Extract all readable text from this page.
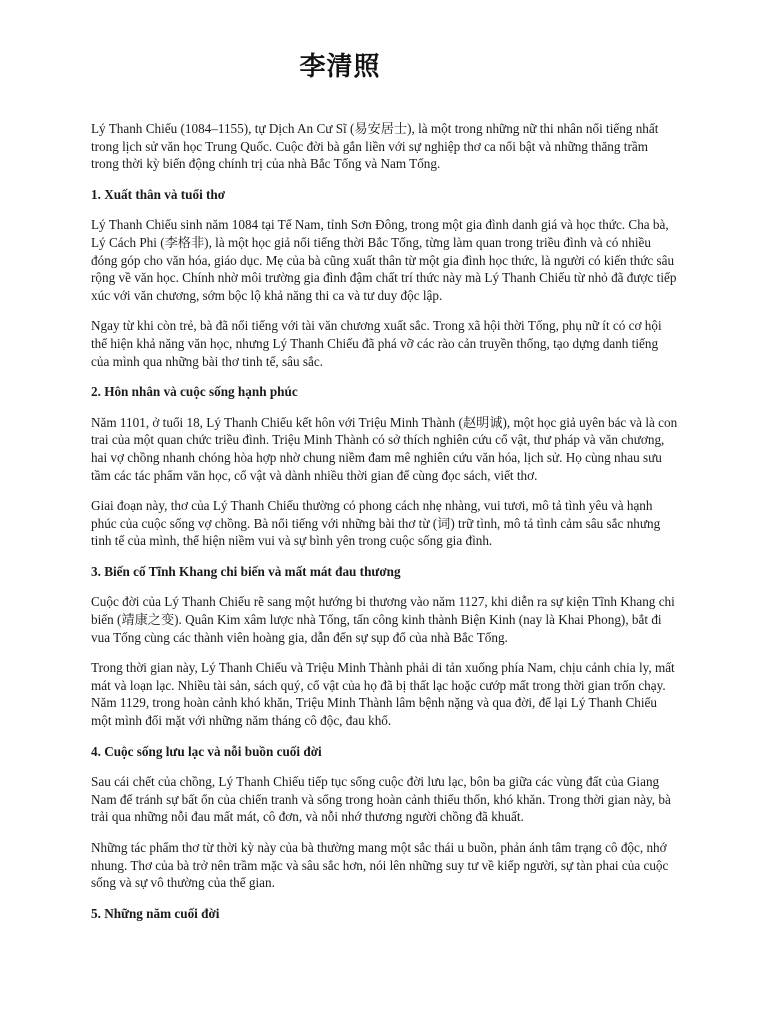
李清照

Lý Thanh Chiếu (1084–1155), tự Dịch An Cư Sĩ (易安居士), là một trong những nữ thi nhân nổi tiếng nhất trong lịch sử văn học Trung Quốc. Cuộc đời bà gắn liền với sự nghiệp thơ ca nổi bật và những thăng trầm trong thời kỳ biến động chính trị của nhà Bắc Tống và Nam Tống.

1. Xuất thân và tuổi thơ

Lý Thanh Chiếu sinh năm 1084 tại Tế Nam, tỉnh Sơn Đông, trong một gia đình danh giá và học thức. Cha bà, Lý Cách Phi (李格非), là một học giả nổi tiếng thời Bắc Tống, từng làm quan trong triều đình và có nhiều đóng góp cho văn hóa, giáo dục. Mẹ của bà cũng xuất thân từ một gia đình học thức, là người có kiến thức sâu rộng về văn học. Chính nhờ môi trường gia đình đậm chất trí thức này mà Lý Thanh Chiếu từ nhỏ đã được tiếp xúc với văn chương, sớm bộc lộ khả năng thi ca và tư duy độc lập.

Ngay từ khi còn trẻ, bà đã nổi tiếng với tài văn chương xuất sắc. Trong xã hội thời Tống, phụ nữ ít có cơ hội thể hiện khả năng văn học, nhưng Lý Thanh Chiếu đã phá vỡ các rào cản truyền thống, tạo dựng danh tiếng của mình qua những bài thơ tinh tế, sâu sắc.

2. Hôn nhân và cuộc sống hạnh phúc

Năm 1101, ở tuổi 18, Lý Thanh Chiếu kết hôn với Triệu Minh Thành (赵明诚), một học giả uyên bác và là con trai của một quan chức triều đình. Triệu Minh Thành có sở thích nghiên cứu cổ vật, thư pháp và văn chương, hai vợ chồng nhanh chóng hòa hợp nhờ chung niềm đam mê nghiên cứu văn hóa, lịch sử. Họ cùng nhau sưu tầm các tác phẩm văn học, cổ vật và dành nhiều thời gian để cùng đọc sách, viết thơ.

Giai đoạn này, thơ của Lý Thanh Chiếu thường có phong cách nhẹ nhàng, vui tươi, mô tả tình yêu và hạnh phúc của cuộc sống vợ chồng. Bà nổi tiếng với những bài thơ từ (词) trữ tình, mô tả tình cảm sâu sắc nhưng tinh tế của mình, thể hiện niềm vui và sự bình yên trong cuộc sống gia đình.

3. Biến cố Tĩnh Khang chi biến và mất mát đau thương

Cuộc đời của Lý Thanh Chiếu rẽ sang một hướng bi thương vào năm 1127, khi diễn ra sự kiện Tĩnh Khang chi biến (靖康之变). Quân Kim xâm lược nhà Tống, tấn công kinh thành Biện Kinh (nay là Khai Phong), bắt đi vua Tống cùng các thành viên hoàng gia, dẫn đến sự sụp đổ của nhà Bắc Tống.

Trong thời gian này, Lý Thanh Chiếu và Triệu Minh Thành phải di tản xuống phía Nam, chịu cảnh chia ly, mất mát và loạn lạc. Nhiều tài sản, sách quý, cổ vật của họ đã bị thất lạc hoặc cướp mất trong thời gian trốn chạy. Năm 1129, trong hoàn cảnh khó khăn, Triệu Minh Thành lâm bệnh nặng và qua đời, để lại Lý Thanh Chiếu một mình đối mặt với những năm tháng cô độc, đau khổ.

4. Cuộc sống lưu lạc và nỗi buồn cuối đời

Sau cái chết của chồng, Lý Thanh Chiếu tiếp tục sống cuộc đời lưu lạc, bôn ba giữa các vùng đất của Giang Nam để tránh sự bất ổn của chiến tranh và sống trong hoàn cảnh thiếu thốn, khó khăn. Trong thời gian này, bà trải qua những nỗi đau mất mát, cô đơn, và nỗi nhớ thương người chồng đã khuất.

Những tác phẩm thơ từ thời kỳ này của bà thường mang một sắc thái u buồn, phản ánh tâm trạng cô độc, nhớ nhung. Thơ của bà trở nên trầm mặc và sâu sắc hơn, nói lên những suy tư về kiếp người, sự tàn phai của cuộc sống và sự vô thường của thế gian.

5. Những năm cuối đời
